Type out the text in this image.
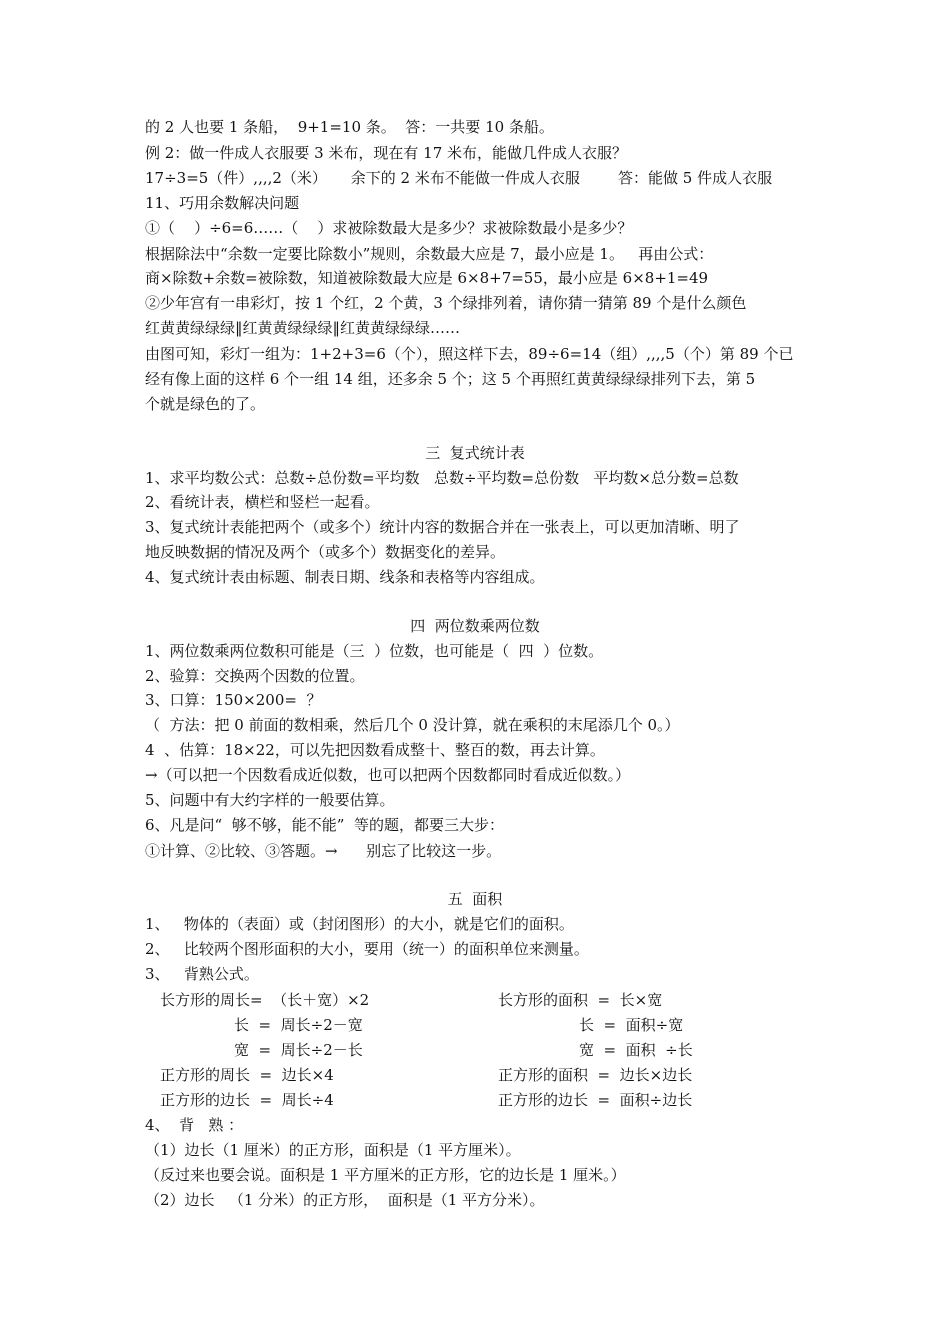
的 2 人也要 1 条船，  9+1=10 条。  答：一共要 10 条船。
例 2：做一件成人衣服要 3 米布，现在有 17 米布，能做几件成人衣服？
17÷3=5（件）,,,,2（米）     余下的 2 米布不能做一件成人衣服        答：能做 5 件成人衣服
11、巧用余数解决问题
①（    ）÷6=6……（    ）求被除数最大是多少？求被除数最小是多少？
根据除法中“余数一定要比除数小”规则，余数最大应是 7，最小应是 1。   再由公式：
商×除数+余数=被除数，知道被除数最大应是 6×8+7=55，最小应是 6×8+1=49
②少年宫有一串彩灯，按 1 个红，2 个黄，3 个绿排列着，请你猜一猜第 89 个是什么颜色
红黄黄绿绿绿‖红黄黄绿绿绿‖红黄黄绿绿绿……
由图可知，彩灯一组为：1+2+3=6（个），照这样下去，89÷6=14（组）,,,,5（个）第 89 个已
经有像上面的这样 6 个一组 14 组，还多余 5 个；这 5 个再照红黄黄绿绿绿排列下去，第 5
个就是绿色的了。
三  复式统计表
1、求平均数公式：总数÷总份数=平均数   总数÷平均数=总份数   平均数×总分数=总数
2、看统计表，横栏和竖栏一起看。
3、复式统计表能把两个（或多个）统计内容的数据合并在一张表上，可以更加清晰、明了
地反映数据的情况及两个（或多个）数据变化的差异。
4、复式统计表由标题、制表日期、线条和表格等内容组成。
四  两位数乘两位数
1、两位数乘两位数积可能是（三  ）位数，也可能是（  四  ）位数。
2、验算：交换两个因数的位置。
3、口算：150×200=  ？
（  方法：把 0 前面的数相乘，然后几个 0 没计算，就在乘积的末尾添几个 0。）
4  、估算：18×22，可以先把因数看成整十、整百的数，再去计算。
→（可以把一个因数看成近似数，也可以把两个因数都同时看成近似数。）
5、问题中有大约字样的一般要估算。
6、凡是问“  够不够，能不能”  等的题，都要三大步：
①计算、②比较、③答题。→      别忘了比较这一步。
五  面积
1、   物体的（表面）或（封闭图形）的大小，就是它们的面积。
2、   比较两个图形面积的大小，要用（统一）的面积单位来测量。
3、   背熟公式。
长方形的周长=  （长＋宽）×2
长  =  周长÷2－宽
宽  =  周长÷2－长
正方形的周长  =  边长×4
正方形的边长  =  周长÷4
长方形的面积  =  长×宽
长  =  面积÷宽
宽  =  面积  ÷长
正方形的面积  =  边长×边长
正方形的边长  =  面积÷边长
4、  背   熟 ：
（1）边长（1 厘米）的正方形，面积是（1 平方厘米）。
（反过来也要会说。面积是 1 平方厘米的正方形，它的边长是 1 厘米。）
（2）边长   （1 分米）的正方形，  面积是（1 平方分米）。
